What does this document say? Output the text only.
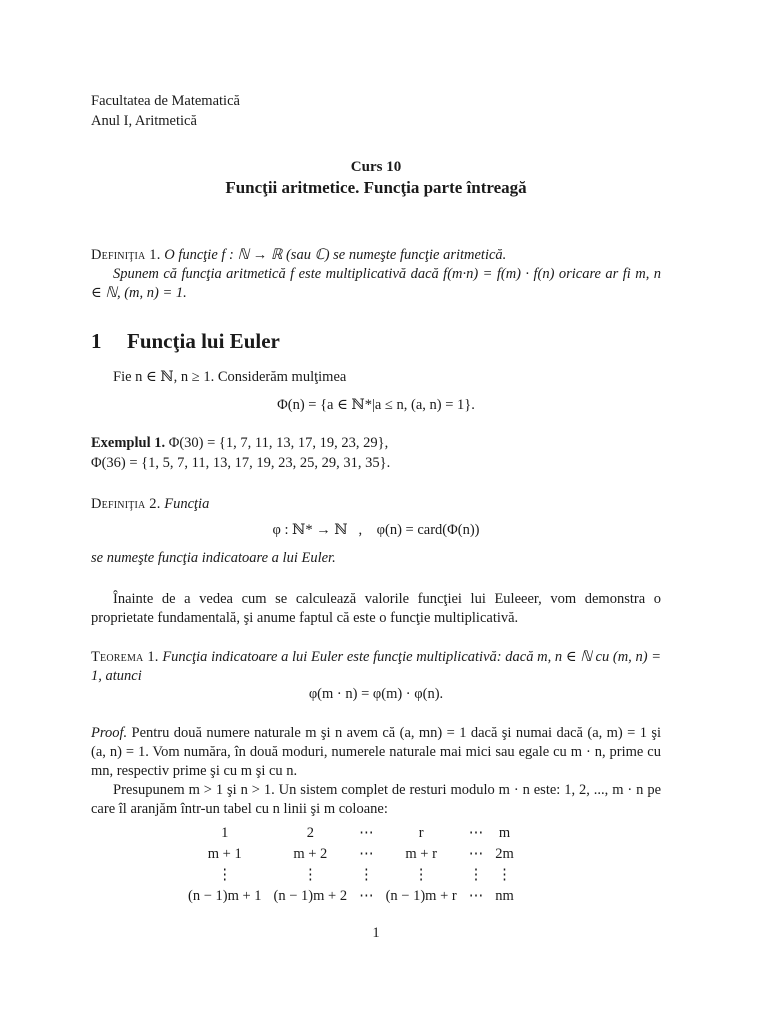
Facultatea de Matematică
Anul I, Aritmetică
Curs 10
Funcţii aritmetice. Funcţia parte întreagă
Definiţia 1. O funcţie f : ℕ → ℝ (sau ℂ) se numeşte funcţie aritmetică.
Spunem că funcţia aritmetică f este multiplicativă dacă f(m·n) = f(m) · f(n) oricare ar fi m, n ∈ ℕ, (m, n) = 1.
1 Funcţia lui Euler
Fie n ∈ ℕ, n ≥ 1. Considerăm mulţimea
Φ(n) = {a ∈ ℕ*|a ≤ n, (a, n) = 1}.
Exemplul 1. Φ(30) = {1, 7, 11, 13, 17, 19, 23, 29},
Φ(36) = {1, 5, 7, 11, 13, 17, 19, 23, 25, 29, 31, 35}.
Definiţia 2. Funcţia
φ : ℕ* → ℕ   ,    φ(n) = card(Φ(n))
se numeşte funcţia indicatoare a lui Euler.
Înainte de a vedea cum se calculează valorile funcţiei lui Euleeer, vom demonstra o proprietate fundamentală, şi anume faptul că este o funcţie multiplicativă.
Teorema 1. Funcţia indicatoare a lui Euler este funcţie multiplicativă: dacă m, n ∈ ℕ cu (m, n) = 1, atunci
φ(m · n) = φ(m) · φ(n).
Proof. Pentru două numere naturale m şi n avem că (a, mn) = 1 dacă şi numai dacă (a, m) = 1 şi (a, n) = 1. Vom număra, în două moduri, numerele naturale mai mici sau egale cu m · n, prime cu mn, respectiv prime şi cu m şi cu n.
Presupunem m > 1 şi n > 1. Un sistem complet de resturi modulo m · n este: 1, 2, ..., m · n pe care îl aranjăm într-un tabel cu n linii şi m coloane:
1	2	⋯	r	⋯	m
m + 1	m + 2	⋯	m + r	⋯	2m
⋮	⋮	⋮	⋮	⋮	⋮
(n − 1)m + 1	(n − 1)m + 2	⋯	(n − 1)m + r	⋯	nm
1
